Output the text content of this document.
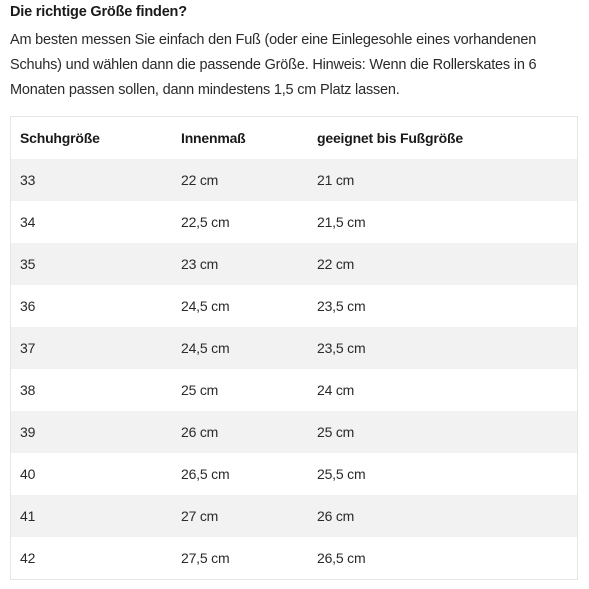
Die richtige Größe finden?
Am besten messen Sie einfach den Fuß (oder eine Einlegesohle eines vorhandenen Schuhs) und wählen dann die passende Größe. Hinweis: Wenn die Rollerskates in 6 Monaten passen sollen, dann mindestens 1,5 cm Platz lassen.
Schuhgröße	Innenmaß	geeignet bis Fußgröße
33	22 cm	21 cm
34	22,5 cm	21,5 cm
35	23 cm	22 cm
36	24,5 cm	23,5 cm
37	24,5 cm	23,5 cm
38	25 cm	24 cm
39	26 cm	25 cm
40	26,5 cm	25,5 cm
41	27 cm	26 cm
42	27,5 cm	26,5 cm
